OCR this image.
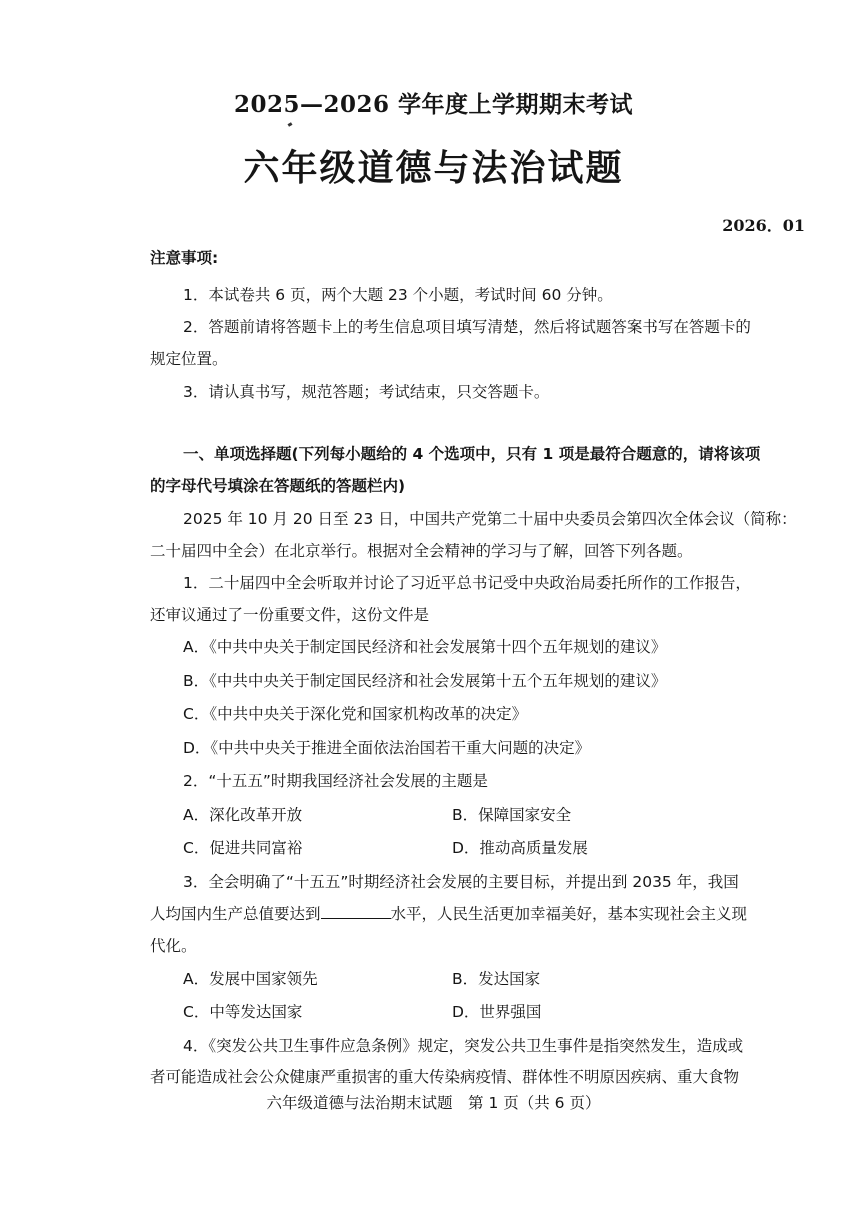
2025—2026 学年度上学期期末考试
六年级道德与法治试题
2026．01
注意事项:
1．本试卷共 6 页，两个大题 23 个小题，考试时间 60 分钟。
2．答题前请将答题卡上的考生信息项目填写清楚，然后将试题答案书写在答题卡的
规定位置。
3．请认真书写，规范答题；考试结束，只交答题卡。
一、单项选择题(下列每小题给的 4 个选项中，只有 1 项是最符合题意的，请将该项
的字母代号填涂在答题纸的答题栏内)
2025 年 10 月 20 日至 23 日，中国共产党第二十届中央委员会第四次全体会议（简称：
二十届四中全会）在北京举行。根据对全会精神的学习与了解，回答下列各题。
1．二十届四中全会听取并讨论了习近平总书记受中央政治局委托所作的工作报告，
还审议通过了一份重要文件，这份文件是
A．《中共中央关于制定国民经济和社会发展第十四个五年规划的建议》
B．《中共中央关于制定国民经济和社会发展第十五个五年规划的建议》
C．《中共中央关于深化党和国家机构改革的决定》
D．《中共中央关于推进全面依法治国若干重大问题的决定》
2．“十五五”时期我国经济社会发展的主题是
A．深化改革开放	B．保障国家安全
C．促进共同富裕	D．推动高质量发展
3．全会明确了“十五五”时期经济社会发展的主要目标，并提出到 2035 年，我国
人均国内生产总值要达到	水平，人民生活更加幸福美好，基本实现社会主义现
代化。
A．发展中国家领先	B．发达国家
C．中等发达国家	D．世界强国
4．《突发公共卫生事件应急条例》规定，突发公共卫生事件是指突然发生，造成或
者可能造成社会公众健康严重损害的重大传染病疫情、群体性不明原因疾病、重大食物
六年级道德与法治期末试题　第 1 页（共 6 页）
